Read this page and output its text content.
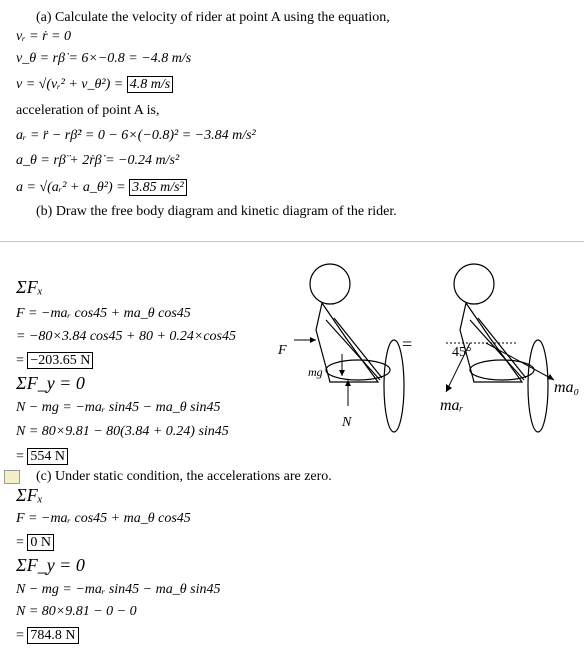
(a) Calculate the velocity of rider at point A using the equation,
vᵣ = ṙ = 0
v_θ = rβ̇ = 6×−0.8 = −4.8 m/s
v = √(vᵣ² + v_θ²) = 4.8 m/s
acceleration of point A is,
aᵣ = r̈ − rβ̇² = 0 − 6×(−0.8)² = −3.84 m/s²
a_θ = rβ̈ + 2ṙβ̇ = −0.24 m/s²
a = √(aᵣ² + a_θ²) = 3.85 m/s²
(b) Draw the free body diagram and kinetic diagram of the rider.
ΣFₓ
F = −maᵣ cos45 + ma_θ cos45
= −80×3.84 cos45 + 80 + 0.24×cos45
= −203.65 N
ΣF_y = 0
N − mg = −maᵣ sin45 − ma_θ sin45
N = 80×9.81 − 80(3.84 + 0.24) sin45
= 554 N
F
mg
N
=	45°
maᵣ
ma₀
(c) Under static condition, the accelerations are zero.
ΣFₓ
F = −maᵣ cos45 + ma_θ cos45
= 0 N
ΣF_y = 0
N − mg = −maᵣ sin45 − ma_θ sin45
N = 80×9.81 − 0 − 0
= 784.8 N
